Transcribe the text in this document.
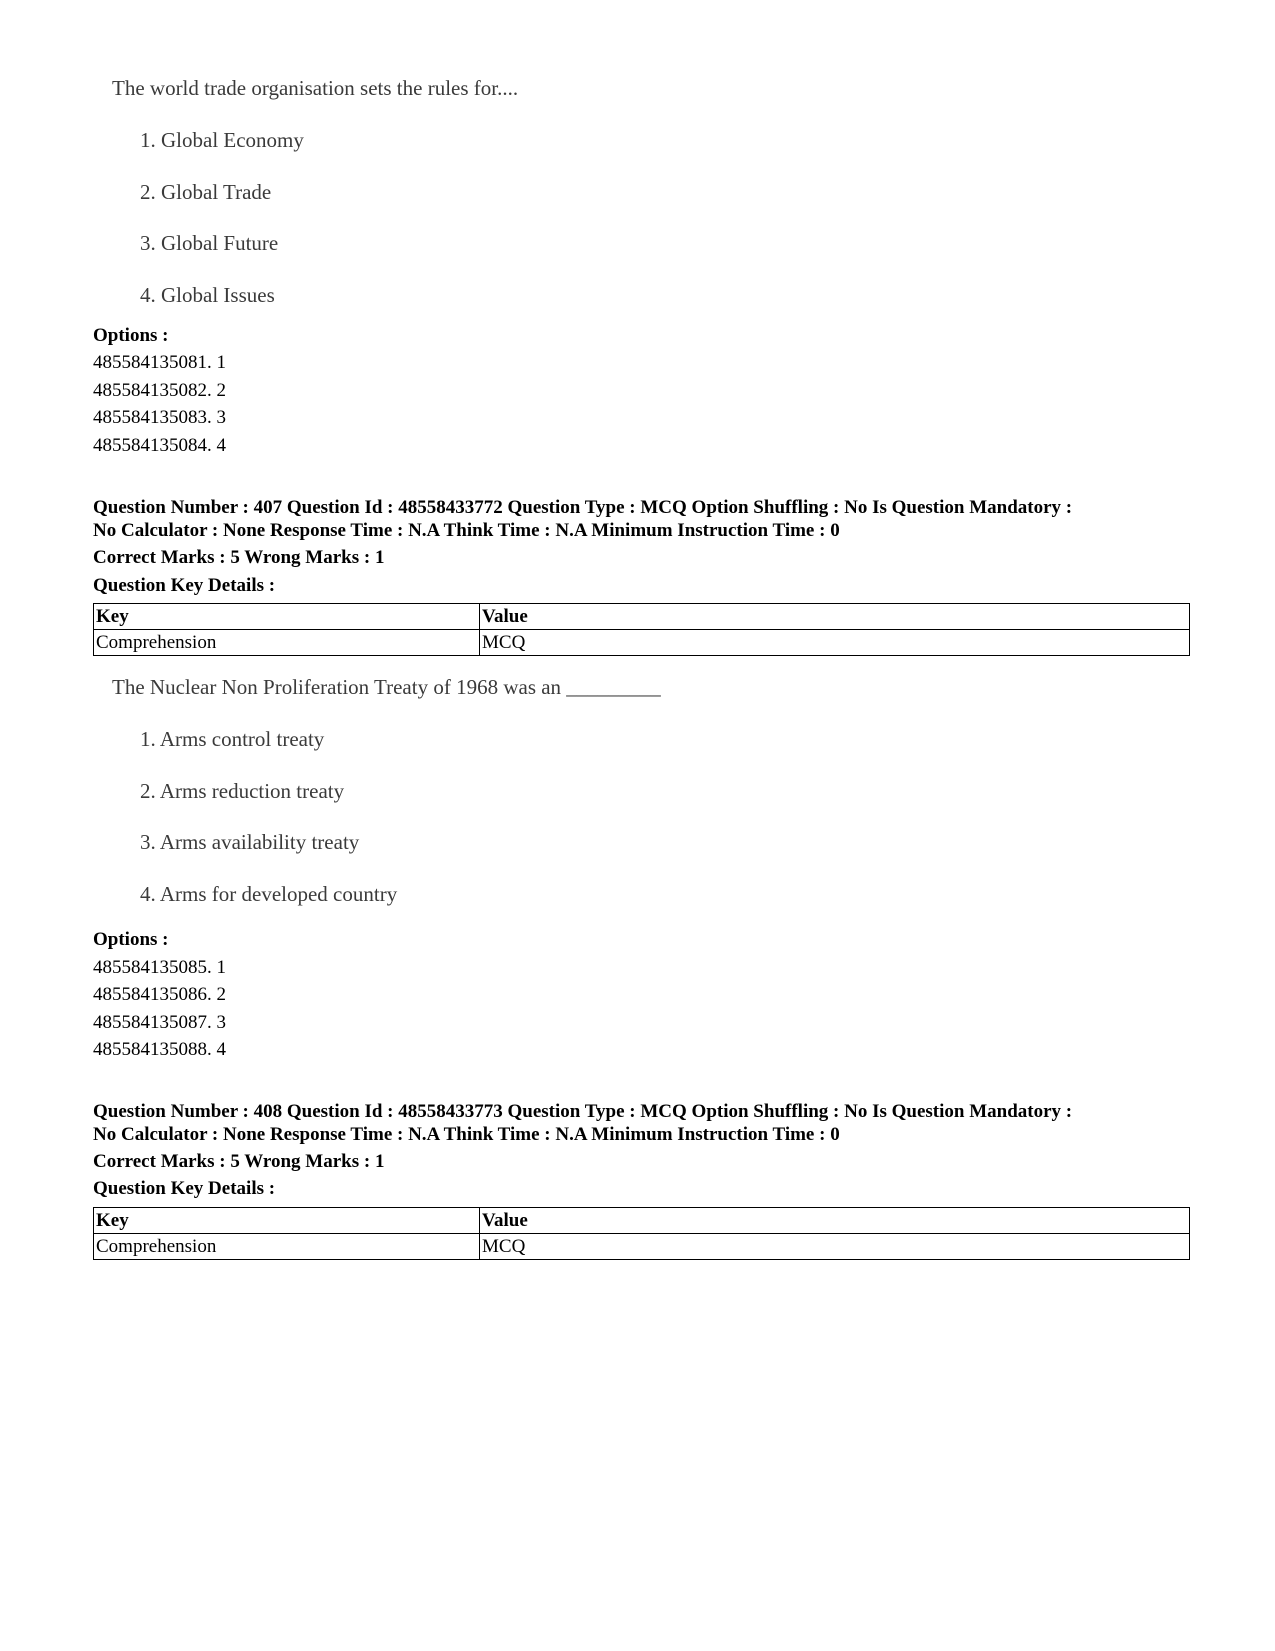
The world trade organisation sets the rules for....
1. Global Economy
2. Global Trade
3. Global Future
4. Global Issues
Options :
485584135081. 1
485584135082. 2
485584135083. 3
485584135084. 4
Question Number : 407 Question Id : 48558433772 Question Type : MCQ Option Shuffling : No Is Question Mandatory :
No Calculator : None Response Time : N.A Think Time : N.A Minimum Instruction Time : 0
Correct Marks : 5 Wrong Marks : 1
Question Key Details :
Key	Value
Comprehension	MCQ
The Nuclear Non Proliferation Treaty of 1968 was an _________
1. Arms control treaty
2. Arms reduction treaty
3. Arms availability treaty
4. Arms for developed country
Options :
485584135085. 1
485584135086. 2
485584135087. 3
485584135088. 4
Question Number : 408 Question Id : 48558433773 Question Type : MCQ Option Shuffling : No Is Question Mandatory :
No Calculator : None Response Time : N.A Think Time : N.A Minimum Instruction Time : 0
Correct Marks : 5 Wrong Marks : 1
Question Key Details :
Key	Value
Comprehension	MCQ
